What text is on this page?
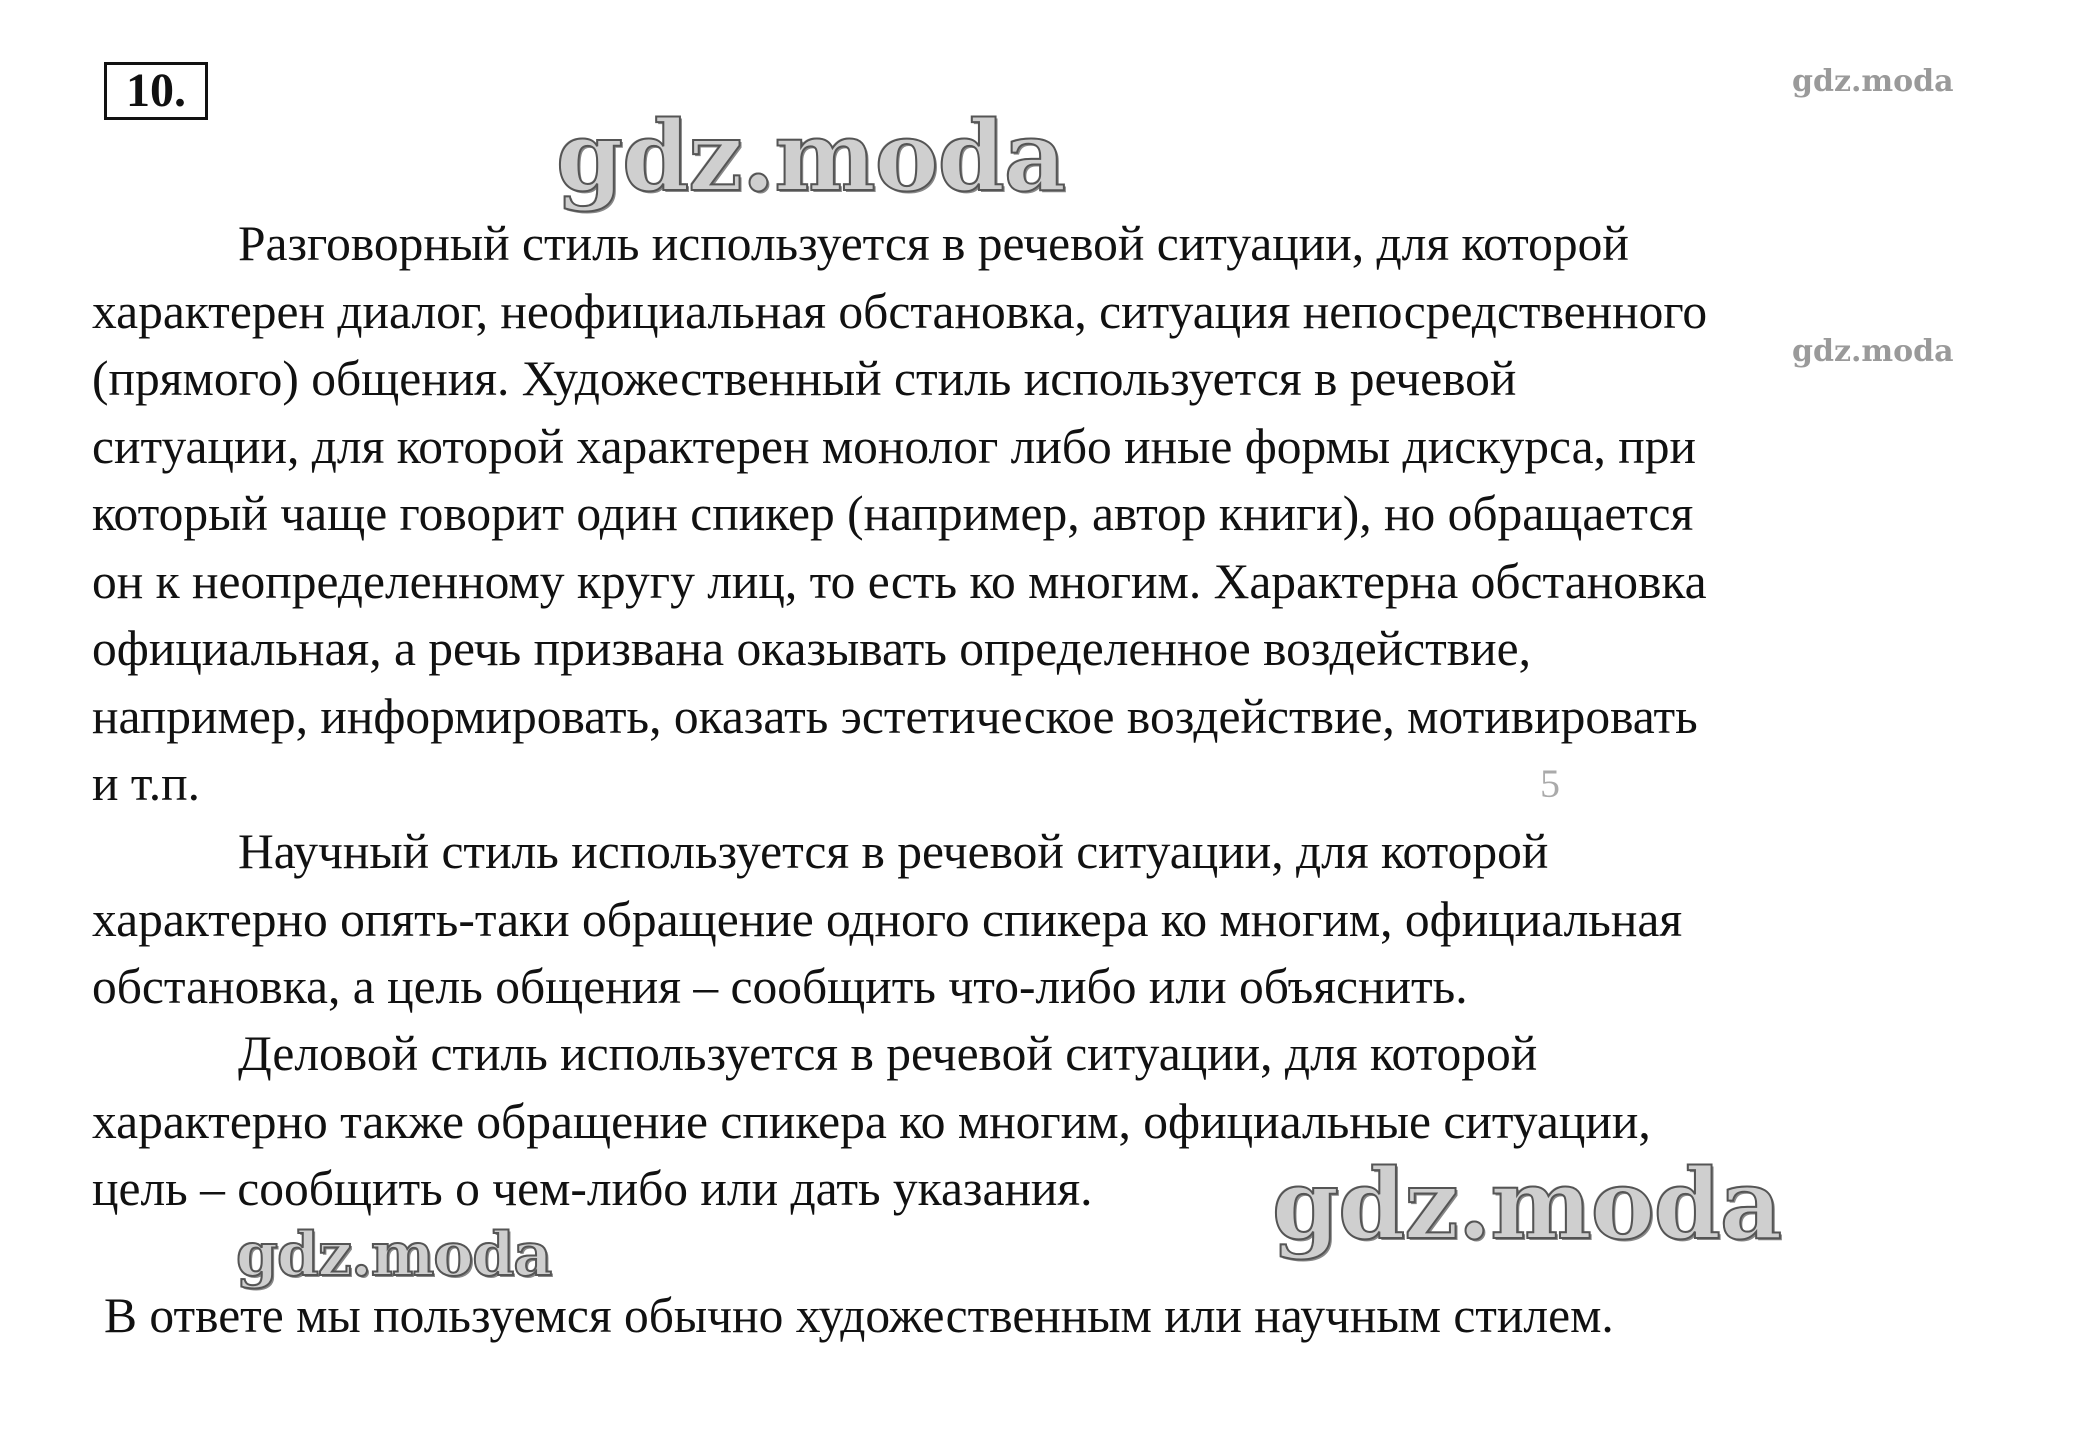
10.	gdz.moda
gdz.moda
gdz.moda
gdz.moda
gdz.moda
Разговорный стиль используется в речевой ситуации, для которой
характерен диалог, неофициальная обстановка, ситуация непосредственного
(прямого) общения. Художественный стиль используется в речевой
ситуации, для которой характерен монолог либо иные формы дискурса, при
который чаще говорит один спикер (например, автор книги), но обращается
он к неопределенному кругу лиц, то есть ко многим. Характерна обстановка
официальная, а речь призвана оказывать определенное воздействие,
например, информировать, оказать эстетическое воздействие, мотивировать
и т.п.	5
Научный стиль используется в речевой ситуации, для которой
характерно опять-таки обращение одного спикера ко многим, официальная
обстановка, а цель общения – сообщить что-либо или объяснить.
Деловой стиль используется в речевой ситуации, для которой
характерно также обращение спикера ко многим, официальные ситуации,
цель – сообщить о чем-либо или дать указания.
В ответе мы пользуемся обычно художественным или научным стилем.
